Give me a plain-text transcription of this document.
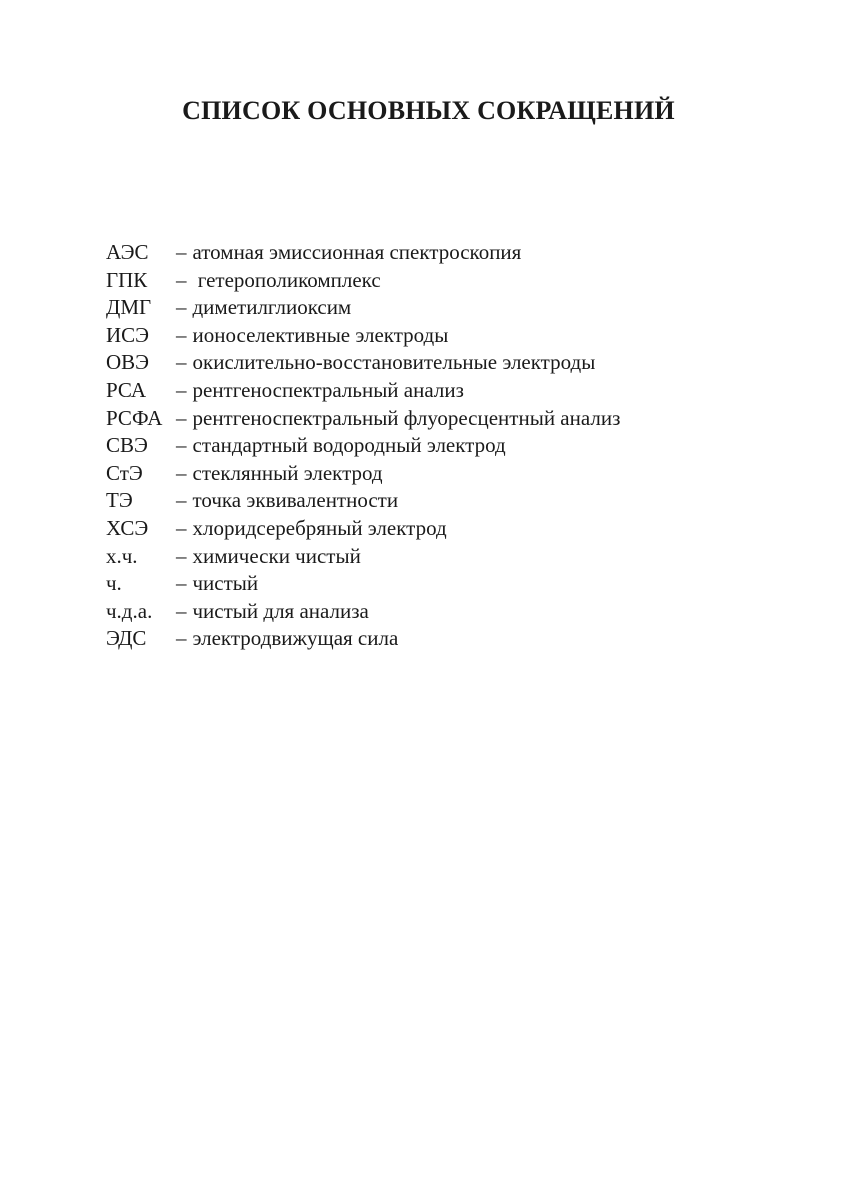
СПИСОК ОСНОВНЫХ СОКРАЩЕНИЙ
АЭС	– атомная эмиссионная спектроскопия
ГПК	– гетерополикомплекс
ДМГ	– диметилглиоксим
ИСЭ	– ионоселективные электроды
ОВЭ	– окислительно-восстановительные электроды
РСА	– рентгеноспектральный анализ
РСФА – рентгеноспектральный флуоресцентный анализ
СВЭ	– стандартный водородный электрод
СтЭ	– стеклянный электрод
ТЭ	– точка эквивалентности
ХСЭ	– хлоридсеребряный электрод
х.ч.	– химически чистый
ч.	– чистый
ч.д.а.	– чистый для анализа
ЭДС	– электродвижущая сила
